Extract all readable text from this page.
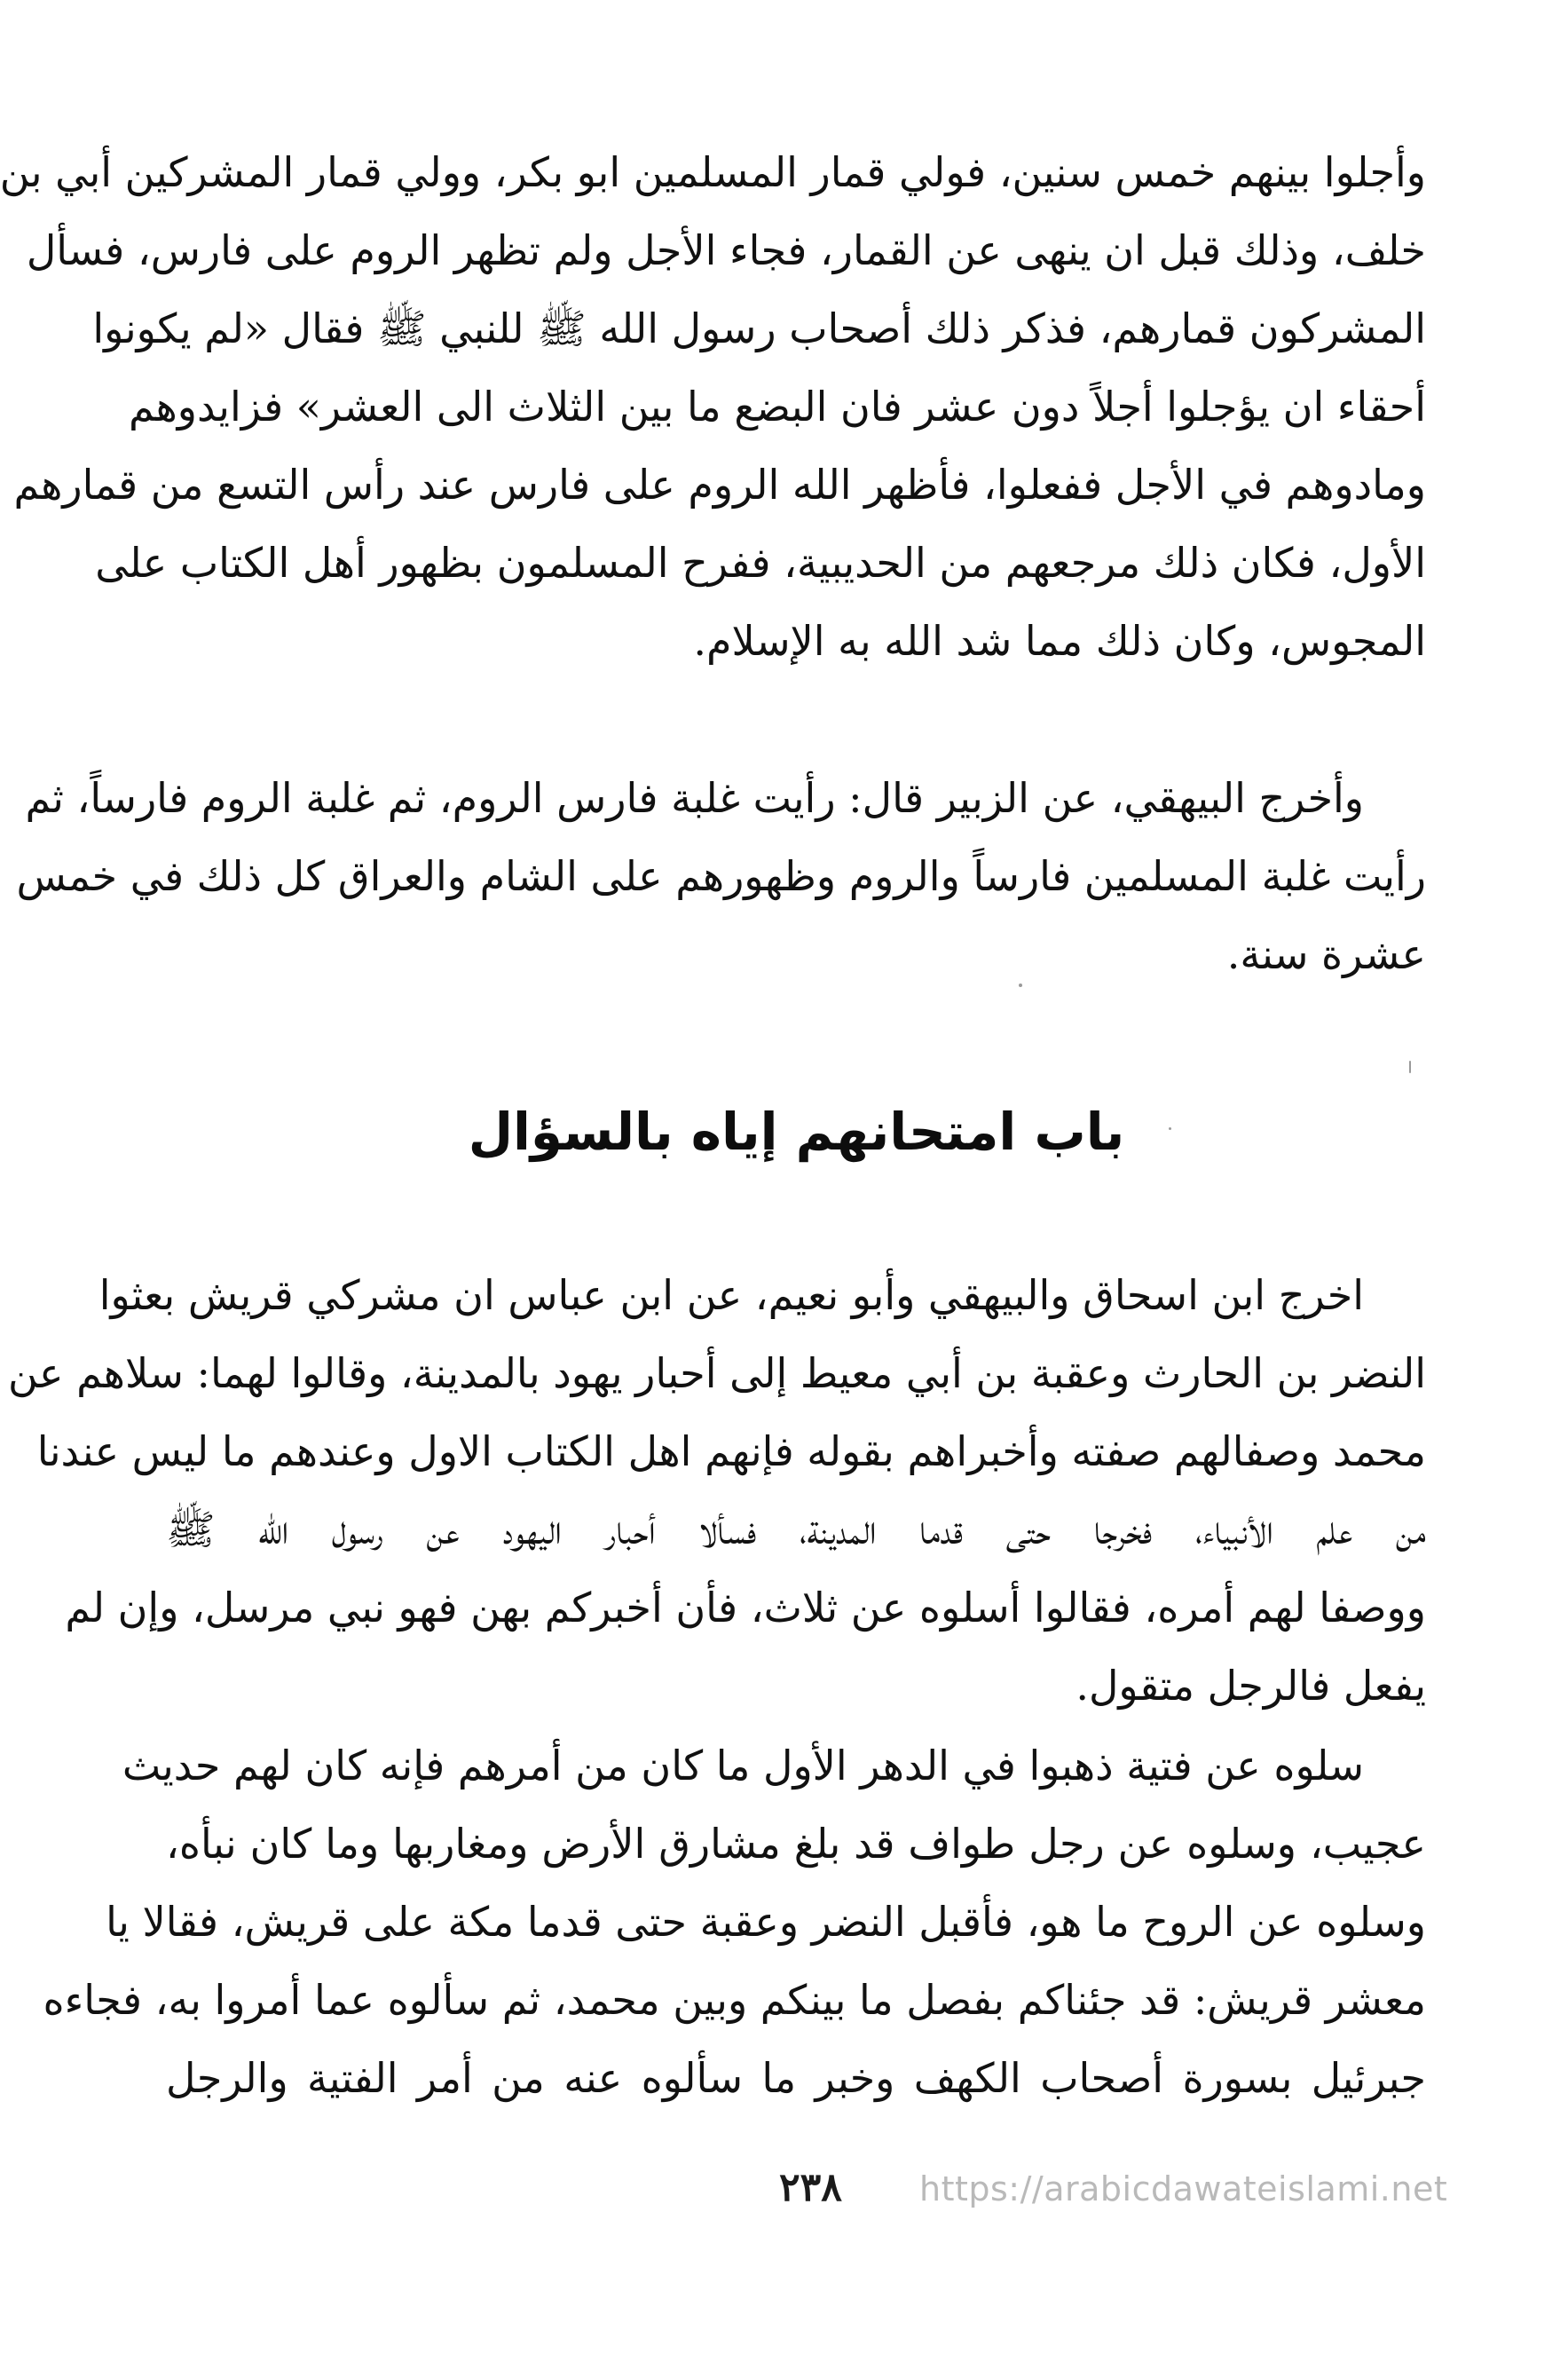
وأجلوا بينهم خمس سنين، فولي قمار المسلمين ابو بكر، وولي قمار المشركين أبي بن
خلف، وذلك قبل ان ينهى عن القمار، فجاء الأجل ولم تظهر الروم على فارس، فسأل
المشركون قمارهم، فذكر ذلك أصحاب رسول الله ﷺ للنبي ﷺ فقال «لم يكونوا
أحقاء ان يؤجلوا أجلاً دون عشر فان البضع ما بين الثلاث الى العشر» فزايدوهم
ومادوهم في الأجل ففعلوا، فأظهر الله الروم على فارس عند رأس التسع من قمارهم
الأول، فكان ذلك مرجعهم من الحديبية، ففرح المسلمون بظهور أهل الكتاب على
المجوس، وكان ذلك مما شد الله به الإسلام.
وأخرج البيهقي، عن الزبير قال: رأيت غلبة فارس الروم، ثم غلبة الروم فارساً، ثم
رأيت غلبة المسلمين فارساً والروم وظهورهم على الشام والعراق كل ذلك في خمس
عشرة سنة.
باب امتحانهم إياه بالسؤال
اخرج ابن اسحاق والبيهقي وأبو نعيم، عن ابن عباس ان مشركي قريش بعثوا
النضر بن الحارث وعقبة بن أبي معيط إلى أحبار يهود بالمدينة، وقالوا لهما: سلاهم عن
محمد وصفالهم صفته وأخبراهم بقوله فإنهم اهل الكتاب الاول وعندهم ما ليس عندنا
من علم الأنبياء، فخرجا حتى قدما المدينة، فسألا أحبار اليهود عن رسول الله ﷺ
ووصفا لهم أمره، فقالوا أسلوه عن ثلاث، فأن أخبركم بهن فهو نبي مرسل، وإن لم
يفعل فالرجل متقول.
سلوه عن فتية ذهبوا في الدهر الأول ما كان من أمرهم فإنه كان لهم حديث
عجيب، وسلوه عن رجل طواف قد بلغ مشارق الأرض ومغاربها وما كان نبأه،
وسلوه عن الروح ما هو، فأقبل النضر وعقبة حتى قدما مكة على قريش، فقالا يا
معشر قريش: قد جئناكم بفصل ما بينكم وبين محمد، ثم سألوه عما أمروا به، فجاءه
جبرئيل بسورة أصحاب الكهف وخبر ما سألوه عنه من أمر الفتية والرجل
٢٣٨ https://arabicdawateislami.net
